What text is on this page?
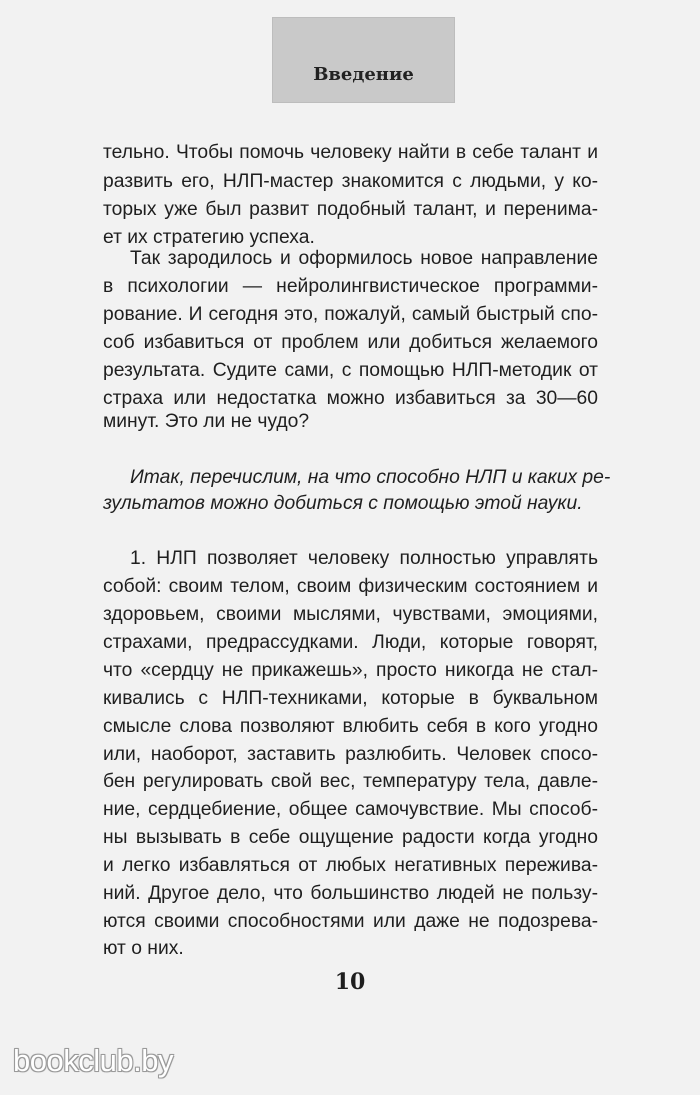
Введение
тельно. Чтобы помочь человеку найти в себе талант и
развить его, НЛП-мастер знакомится с людьми, у ко-
торых уже был развит подобный талант, и перенима-
ет их стратегию успеха.
Так зародилось и оформилось новое направление
в психологии — нейролингвистическое программи-
рование. И сегодня это, пожалуй, самый быстрый спо-
соб избавиться от проблем или добиться желаемого
результата. Судите сами, с помощью НЛП-методик от
страха или недостатка можно избавиться за 30—60
минут. Это ли не чудо?
Итак, перечислим, на что способно НЛП и каких ре-
зультатов можно добиться с помощью этой науки.
1. НЛП позволяет человеку полностью управлять
собой: своим телом, своим физическим состоянием и
здоровьем, своими мыслями, чувствами, эмоциями,
страхами, предрассудками. Люди, которые говорят,
что «сердцу не прикажешь», просто никогда не стал-
кивались с НЛП-техниками, которые в буквальном
смысле слова позволяют влюбить себя в кого угодно
или, наоборот, заставить разлюбить. Человек спосо-
бен регулировать свой вес, температуру тела, давле-
ние, сердцебиение, общее самочувствие. Мы способ-
ны вызывать в себе ощущение радости когда угодно
и легко избавляться от любых негативных пережива-
ний. Другое дело, что большинство людей не пользу-
ются своими способностями или даже не подозрева-
ют о них.
10
bookclub.by
